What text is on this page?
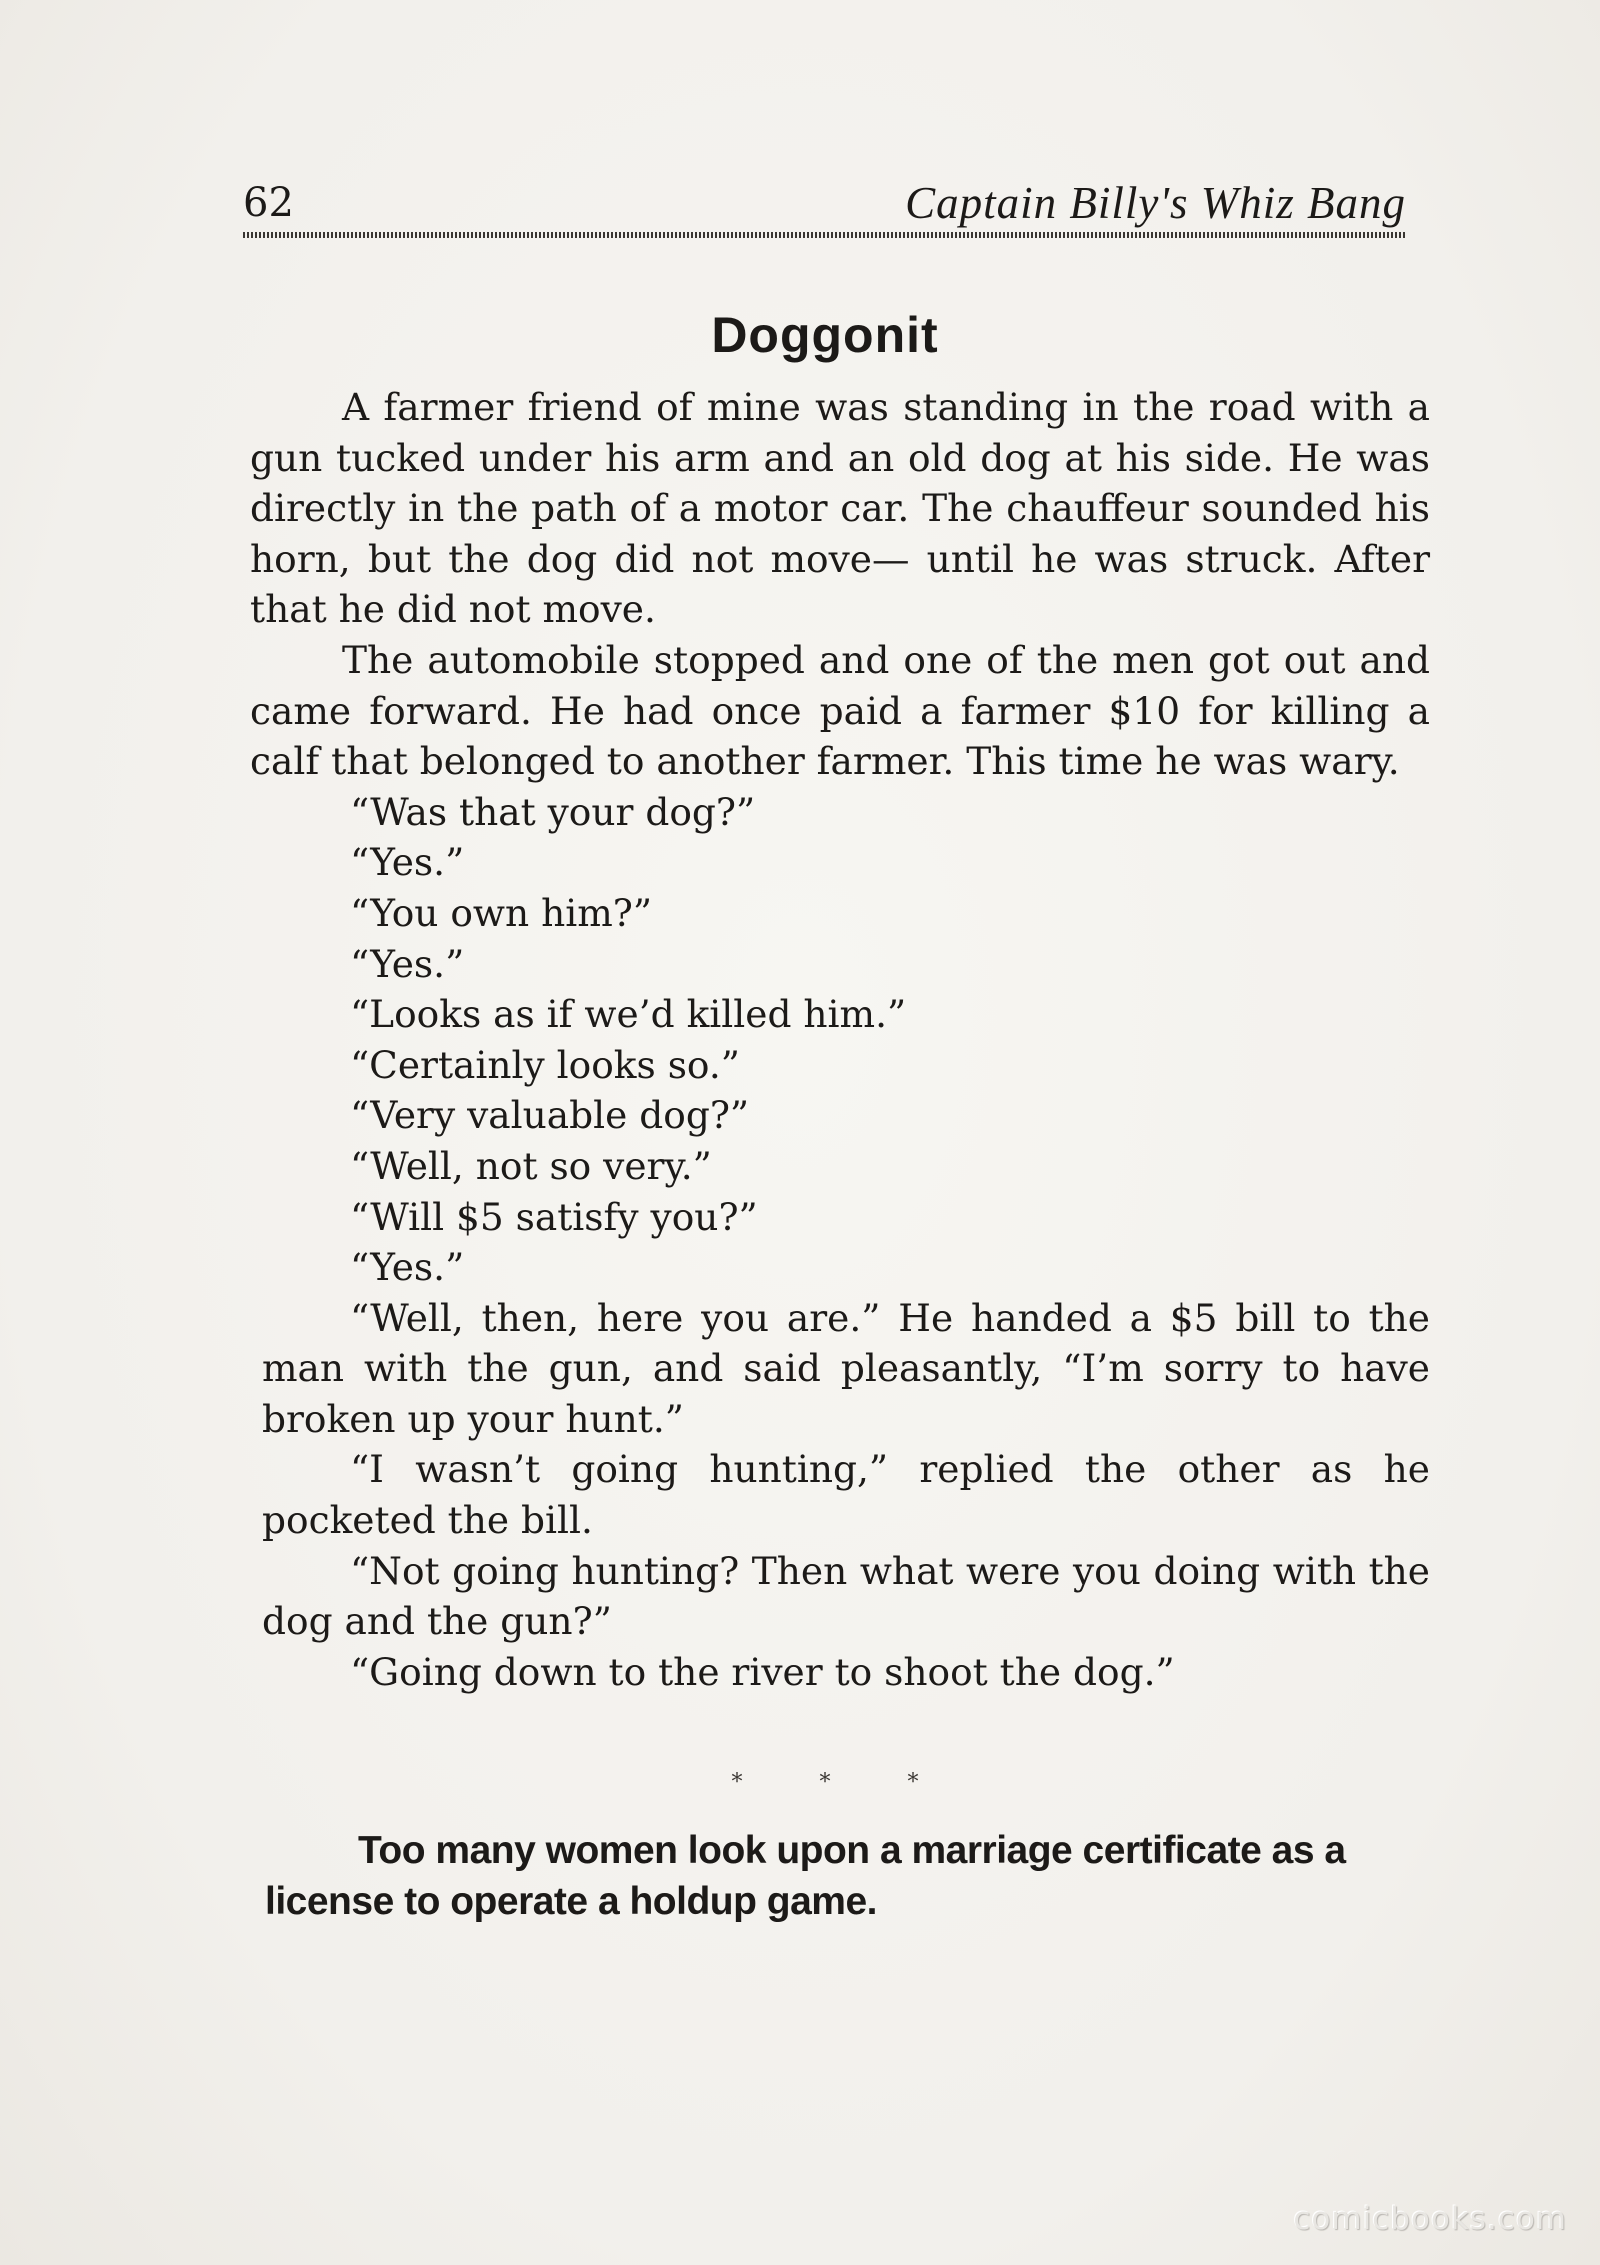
62	Captain Billy's Whiz Bang
Doggonit

A farmer friend of mine was standing in the road with a gun tucked under his arm and an old dog at his side. He was directly in the path of a motor car. The chauffeur sounded his horn, but the dog did not move— until he was struck. After that he did not move.

The automobile stopped and one of the men got out and came forward. He had once paid a farmer $10 for killing a calf that belonged to another farmer. This time he was wary.

“Was that your dog?”

“Yes.”

“You own him?”

“Yes.”

“Looks as if we’d killed him.”

“Certainly looks so.”

“Very valuable dog?”

“Well, not so very.”

“Will $5 satisfy you?”

“Yes.”

“Well, then, here you are.” He handed a $5 bill to the man with the gun, and said pleasantly, “I’m sorry to have broken up your hunt.”

“I wasn’t going hunting,” replied the other as he pocketed the bill.

“Not going hunting? Then what were you doing with the dog and the gun?”

“Going down to the river to shoot the dog.”

* * *

Too many women look upon a marriage certificate as a license to operate a holdup game.

comicbooks.com
